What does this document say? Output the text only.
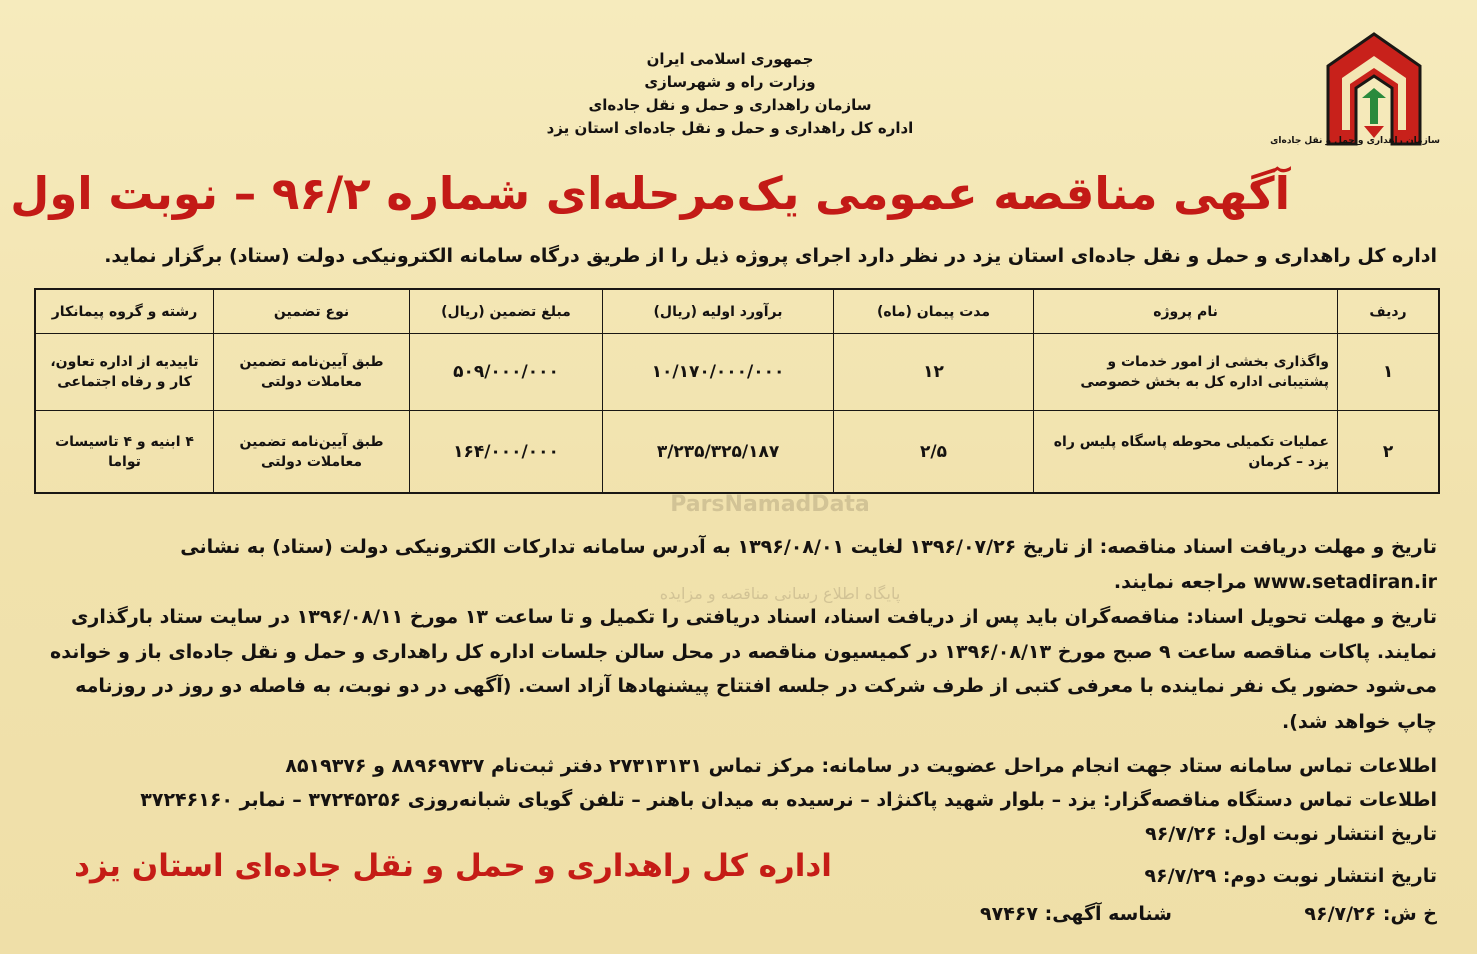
سازمان راهداری و حمل و نقل جاده‌ای
جمهوری اسلامی ایران
وزارت راه و شهرسازی
سازمان راهداری و حمل و نقل جاده‌ای
اداره کل راهداری و حمل و نقل جاده‌ای استان یزد
آگهی مناقصه عمومی یک‌مرحله‌ای شماره ۹۶/۲ – نوبت اول
اداره کل راهداری و حمل و نقل جاده‌ای استان یزد در نظر دارد اجرای پروژه ذیل را از طریق درگاه سامانه الکترونیکی دولت (ستاد) برگزار نماید.
ردیف
نام پروژه
مدت پیمان (ماه)
برآورد اولیه (ریال)
مبلغ تضمین (ریال)
نوع تضمین
رشته و گروه پیمانکار
۱
واگذاری بخشی از امور خدمات و پشتیبانی اداره کل به بخش خصوصی
۱۲
۱۰/۱۷۰/۰۰۰/۰۰۰
۵۰۹/۰۰۰/۰۰۰
طبق آیین‌نامه تضمین معاملات دولتی
تاییدیه از اداره تعاون، کار و رفاه اجتماعی
۲
عملیات تکمیلی محوطه پاسگاه پلیس راه یزد – کرمان
۲/۵
۳/۲۳۵/۳۲۵/۱۸۷
۱۶۴/۰۰۰/۰۰۰
طبق آیین‌نامه تضمین معاملات دولتی
۴ ابنیه و ۴ تاسیسات تواما
ParsNamadData
پایگاه اطلاع رسانی مناقصه و مزایده
تاریخ و مهلت دریافت اسناد مناقصه: از تاریخ ۱۳۹۶/۰۷/۲۶ لغایت ۱۳۹۶/۰۸/۰۱ به آدرس سامانه تدارکات الکترونیکی دولت (ستاد) به نشانی
www.setadiran.ir مراجعه نمایند.
تاریخ و مهلت تحویل اسناد: مناقصه‌گران باید پس از دریافت اسناد، اسناد دریافتی را تکمیل و تا ساعت ۱۳ مورخ ۱۳۹۶/۰۸/۱۱ در سایت ستاد بارگذاری
نمایند. پاکات مناقصه ساعت ۹ صبح مورخ ۱۳۹۶/۰۸/۱۳ در کمیسیون مناقصه در محل سالن جلسات اداره کل راهداری و حمل و نقل جاده‌ای باز و خوانده
می‌شود حضور یک نفر نماینده با معرفی کتبی از طرف شرکت در جلسه افتتاح پیشنهادها آزاد است. (آگهی در دو نوبت، به فاصله دو روز در روزنامه
چاپ خواهد شد).
اطلاعات تماس سامانه ستاد جهت انجام مراحل عضویت در سامانه: مرکز تماس ۲۷۳۱۳۱۳۱ دفتر ثبت‌نام ۸۸۹۶۹۷۳۷ و ۸۵۱۹۳۷۶
اطلاعات تماس دستگاه مناقصه‌گزار: یزد – بلوار شهید پاکنژاد – نرسیده به میدان باهنر – تلفن گویای شبانه‌روزی ۳۷۲۴۵۲۵۶ – نمابر ۳۷۲۴۶۱۶۰
تاریخ انتشار نوبت اول: ۹۶/۷/۲۶
تاریخ انتشار نوبت دوم: ۹۶/۷/۲۹
خ ش: ۹۶/۷/۲۶
شناسه آگهی: ۹۷۴۶۷
اداره کل راهداری و حمل و نقل جاده‌ای استان یزد
